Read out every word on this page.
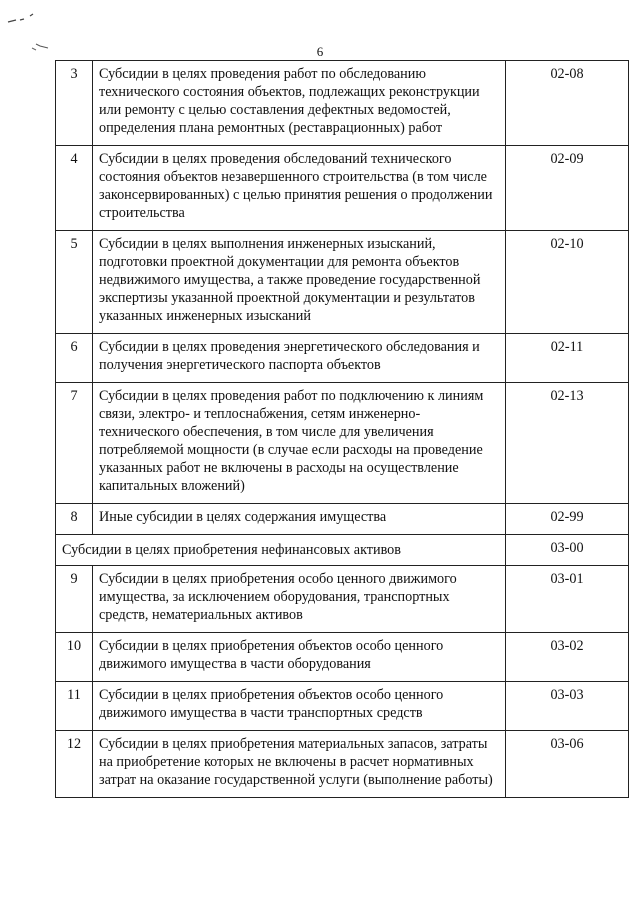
6
3	Субсидии в целях проведения работ по обследованию технического состояния объектов, подлежащих реконструкции или ремонту с целью составления дефектных ведомостей, определения плана ремонтных (реставрационных) работ	02-08
4	Субсидии в целях проведения обследований технического состояния объектов незавершенного строительства (в том числе законсервированных) с целью принятия решения о продолжении строительства	02-09
5	Субсидии в целях выполнения инженерных изысканий, подготовки проектной документации для ремонта объектов недвижимого имущества, а также проведение государственной экспертизы указанной проектной документации и результатов указанных инженерных изысканий	02-10
6	Субсидии в целях проведения энергетического обследования и получения энергетического паспорта объектов	02-11
7	Субсидии в целях проведения работ по подключению к линиям связи, электро- и теплоснабжения, сетям инженерно-технического обеспечения, в том числе для увеличения потребляемой мощности (в случае если расходы на проведение указанных работ не включены в расходы на осуществление капитальных вложений)	02-13
8	Иные субсидии в целях содержания имущества	02-99
Субсидии в целях приобретения нефинансовых активов		03-00
9	Субсидии в целях приобретения особо ценного движимого имущества, за исключением оборудования, транспортных средств, нематериальных активов	03-01
10	Субсидии в целях приобретения объектов особо ценного движимого имущества в части оборудования	03-02
11	Субсидии в целях приобретения объектов особо ценного движимого имущества в части транспортных средств	03-03
12	Субсидии в целях приобретения материальных запасов, затраты на приобретение которых не включены в расчет нормативных затрат на оказание государственной услуги (выполнение работы)	03-06
